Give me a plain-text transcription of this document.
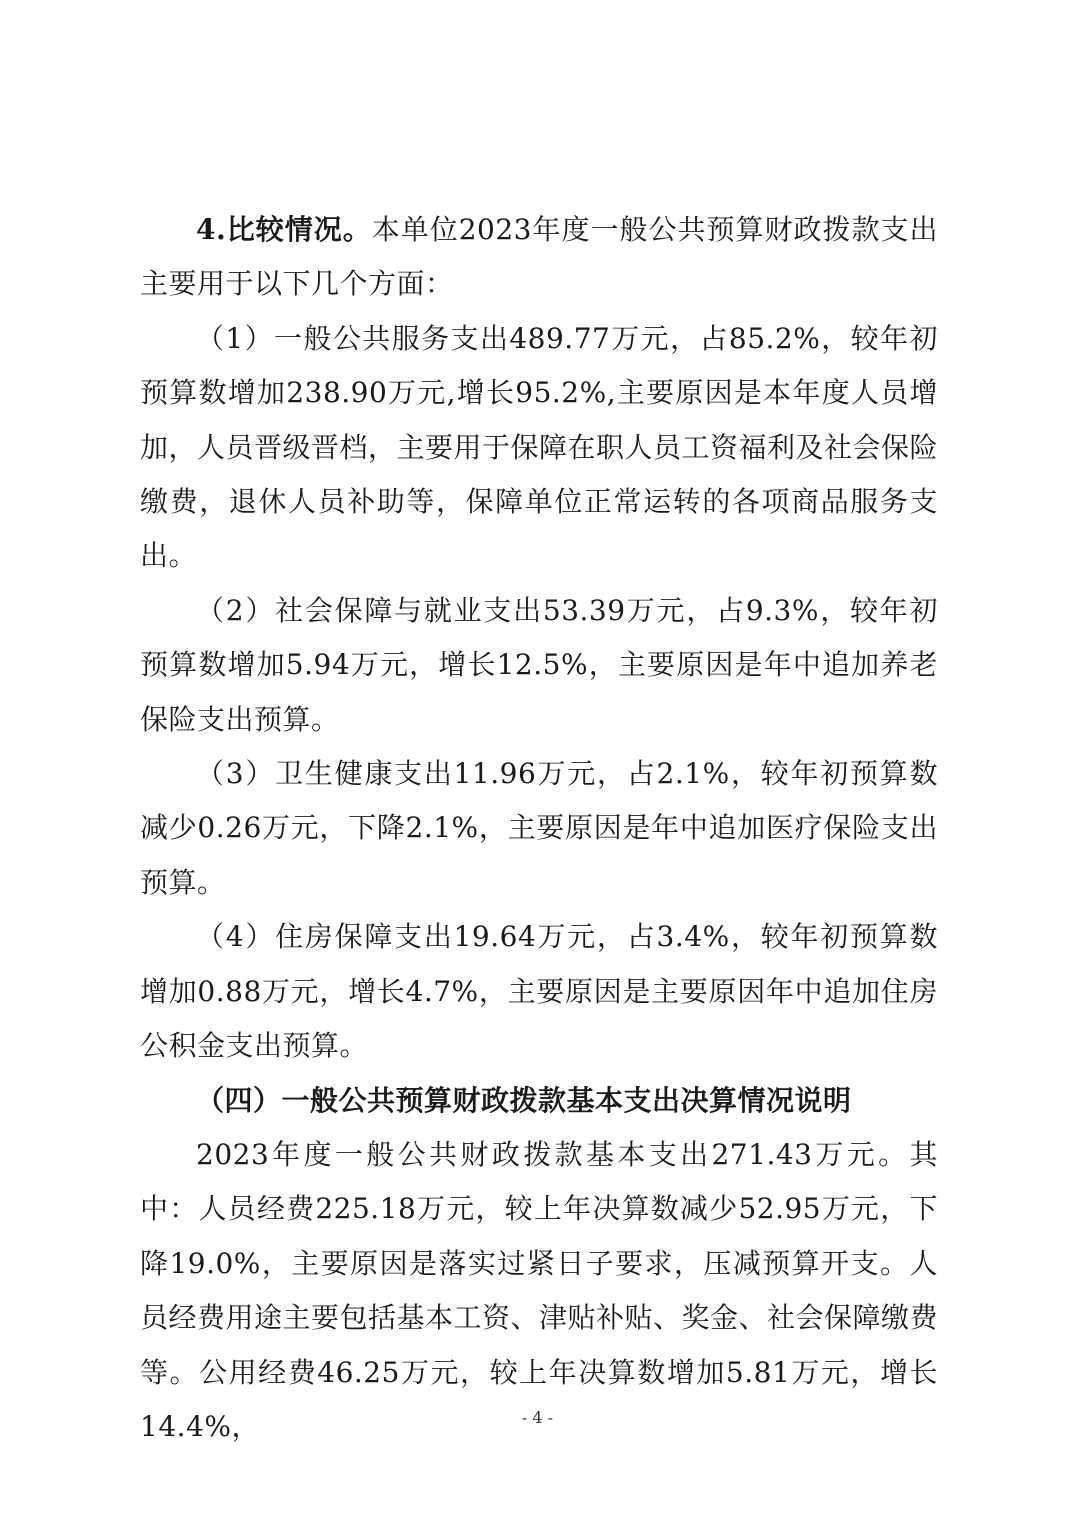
4.比较情况。本单位2023年度一般公共预算财政拨款支出主要用于以下几个方面：

（1）一般公共服务支出489.77万元，占85.2%，较年初预算数增加238.90万元,增长95.2%,主要原因是本年度人员增加，人员晋级晋档，主要用于保障在职人员工资福利及社会保险缴费，退休人员补助等，保障单位正常运转的各项商品服务支出。

（2）社会保障与就业支出53.39万元，占9.3%，较年初预算数增加5.94万元，增长12.5%，主要原因是年中追加养老保险支出预算。

（3）卫生健康支出11.96万元，占2.1%，较年初预算数减少0.26万元，下降2.1%，主要原因是年中追加医疗保险支出预算。

（4）住房保障支出19.64万元，占3.4%，较年初预算数增加0.88万元，增长4.7%，主要原因是主要原因年中追加住房公积金支出预算。

（四）一般公共预算财政拨款基本支出决算情况说明

2023年度一般公共财政拨款基本支出271.43万元。其中：人员经费225.18万元，较上年决算数减少52.95万元，下降19.0%，主要原因是落实过紧日子要求，压减预算开支。人员经费用途主要包括基本工资、津贴补贴、奖金、社会保障缴费等。公用经费46.25万元，较上年决算数增加5.81万元，增长14.4%，	- 4 -
